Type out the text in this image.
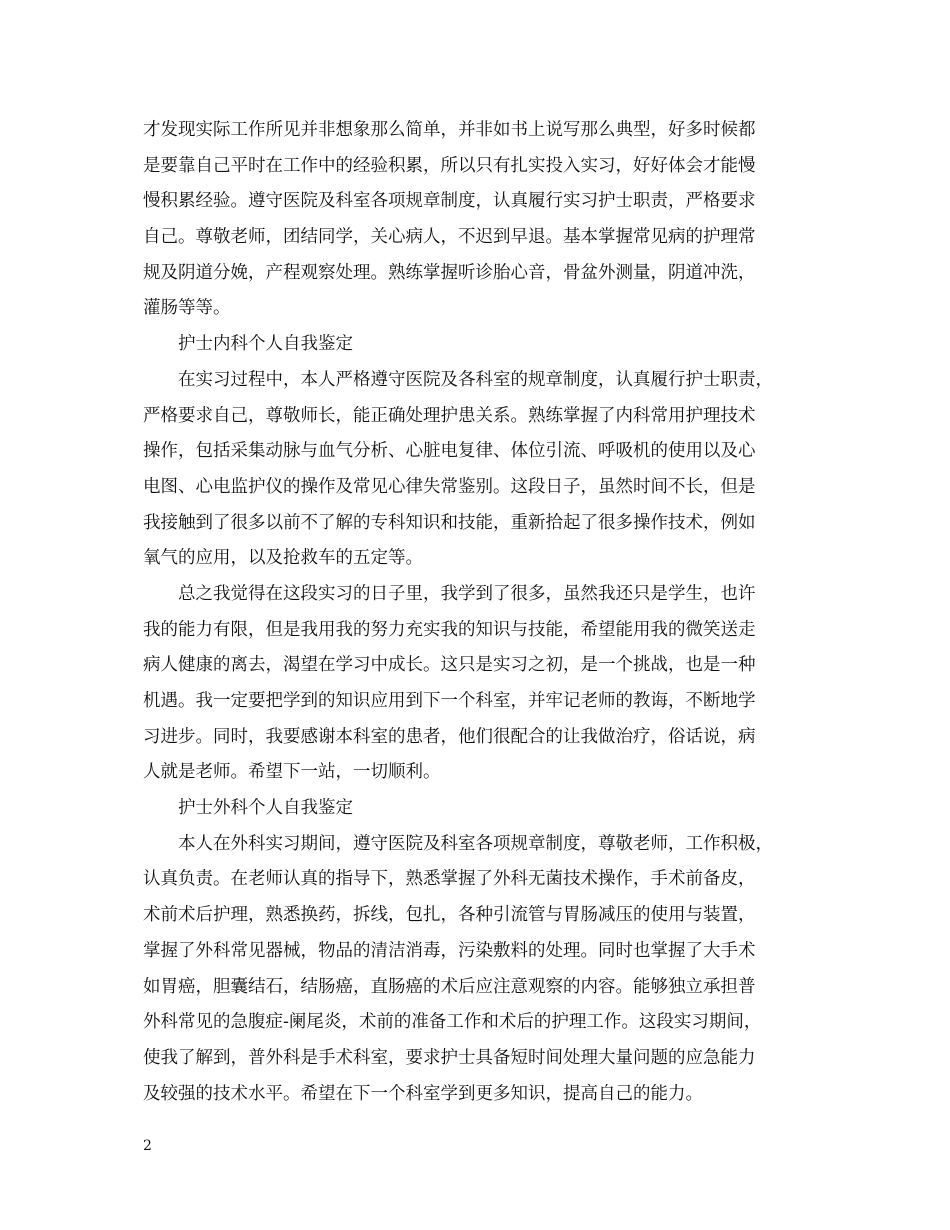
才发现实际工作所见并非想象那么简单，并非如书上说写那么典型，好多时候都
是要靠自己平时在工作中的经验积累，所以只有扎实投入实习，好好体会才能慢
慢积累经验。遵守医院及科室各项规章制度，认真履行实习护士职责，严格要求
自己。尊敬老师，团结同学，关心病人，不迟到早退。基本掌握常见病的护理常
规及阴道分娩，产程观察处理。熟练掌握听诊胎心音，骨盆外测量，阴道冲洗，
灌肠等等。
护士内科个人自我鉴定
在实习过程中，本人严格遵守医院及各科室的规章制度，认真履行护士职责，
严格要求自己，尊敬师长，能正确处理护患关系。熟练掌握了内科常用护理技术
操作，包括采集动脉与血气分析、心脏电复律、体位引流、呼吸机的使用以及心
电图、心电监护仪的操作及常见心律失常鉴别。这段日子，虽然时间不长，但是
我接触到了很多以前不了解的专科知识和技能，重新拾起了很多操作技术，例如
氧气的应用，以及抢救车的五定等。
总之我觉得在这段实习的日子里，我学到了很多，虽然我还只是学生，也许
我的能力有限，但是我用我的努力充实我的知识与技能，希望能用我的微笑送走
病人健康的离去，渴望在学习中成长。这只是实习之初，是一个挑战，也是一种
机遇。我一定要把学到的知识应用到下一个科室，并牢记老师的教诲，不断地学
习进步。同时，我要感谢本科室的患者，他们很配合的让我做治疗，俗话说，病
人就是老师。希望下一站，一切顺利。
护士外科个人自我鉴定
本人在外科实习期间，遵守医院及科室各项规章制度，尊敬老师，工作积极，
认真负责。在老师认真的指导下，熟悉掌握了外科无菌技术操作，手术前备皮，
术前术后护理，熟悉换药，拆线，包扎，各种引流管与胃肠减压的使用与装置，
掌握了外科常见器械，物品的清洁消毒，污染敷料的处理。同时也掌握了大手术
如胃癌，胆囊结石，结肠癌，直肠癌的术后应注意观察的内容。能够独立承担普
外科常见的急腹症-阑尾炎，术前的准备工作和术后的护理工作。这段实习期间，
使我了解到，普外科是手术科室，要求护士具备短时间处理大量问题的应急能力
及较强的技术水平。希望在下一个科室学到更多知识，提高自己的能力。
2
